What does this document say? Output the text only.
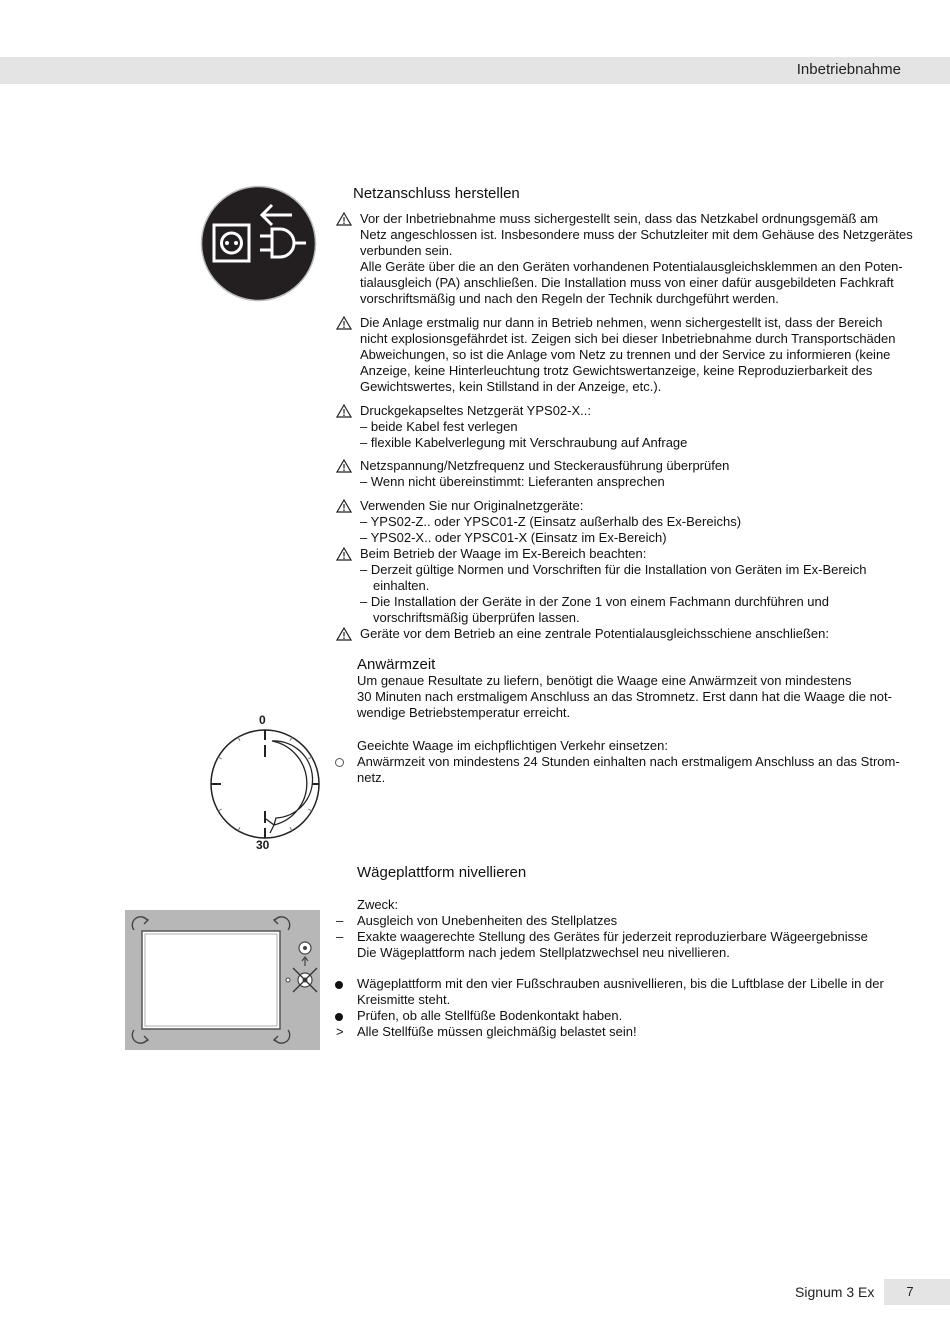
Inbetriebnahme
Netzanschluss herstellen
Vor der Inbetriebnahme muss sichergestellt sein, dass das Netzkabel ordnungsgemäß am
Netz angeschlossen ist. Insbesondere muss der Schutzleiter mit dem Gehäuse des Netzgerätes
verbunden sein.
Alle Geräte über die an den Geräten vorhandenen Potentialausgleichsklemmen an den Poten-
tialausgleich (PA) anschließen. Die Installation muss von einer dafür ausgebildeten Fachkraft
vorschriftsmäßig und nach den Regeln der Technik durchgeführt werden.
Die Anlage erstmalig nur dann in Betrieb nehmen, wenn sichergestellt ist, dass der Bereich
nicht explosionsgefährdet ist. Zeigen sich bei dieser Inbetriebnahme durch Transportschäden
Abweichungen, so ist die Anlage vom Netz zu trennen und der Service zu informieren (keine
Anzeige, keine Hinterleuchtung trotz Gewichtswertanzeige, keine Reproduzierbarkeit des
Gewichtswertes, kein Stillstand in der Anzeige, etc.).
Druckgekapseltes Netzgerät YPS02-X..:
– beide Kabel fest verlegen
– flexible Kabelverlegung mit Verschraubung auf Anfrage
Netzspannung/Netzfrequenz und Steckerausführung überprüfen
– Wenn nicht übereinstimmt: Lieferanten ansprechen
Verwenden Sie nur Originalnetzgeräte:
– YPS02-Z.. oder YPSC01-Z (Einsatz außerhalb des Ex-Bereichs)
– YPS02-X.. oder YPSC01-X (Einsatz im Ex-Bereich)
Beim Betrieb der Waage im Ex-Bereich beachten:
– Derzeit gültige Normen und Vorschriften für die Installation von Geräten im Ex-Bereich
einhalten.
– Die Installation der Geräte in der Zone 1 von einem Fachmann durchführen und
vorschriftsmäßig überprüfen lassen.
Geräte vor dem Betrieb an eine zentrale Potentialausgleichsschiene anschließen:
Anwärmzeit
Um genaue Resultate zu liefern, benötigt die Waage eine Anwärmzeit von mindestens
30 Minuten nach erstmaligem Anschluss an das Stromnetz. Erst dann hat die Waage die not-
wendige Betriebstemperatur erreicht.
Geeichte Waage im eichpflichtigen Verkehr einsetzen:
Anwärmzeit von mindestens 24 Stunden einhalten nach erstmaligem Anschluss an das Strom-
netz.
0
30
Wägeplattform nivellieren
Zweck:
– Ausgleich von Unebenheiten des Stellplatzes
– Exakte waagerechte Stellung des Gerätes für jederzeit reproduzierbare Wägeergebnisse
Die Wägeplattform nach jedem Stellplatzwechsel neu nivellieren.
Wägeplattform mit den vier Fußschrauben ausnivellieren, bis die Luftblase der Libelle in der
Kreismitte steht.
Prüfen, ob alle Stellfüße Bodenkontakt haben.
> Alle Stellfüße müssen gleichmäßig belastet sein!
Signum 3 Ex	7
